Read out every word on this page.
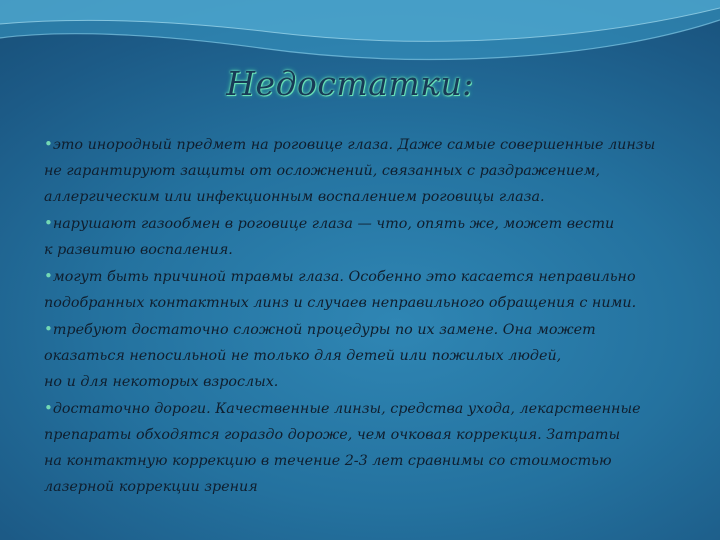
Недостатки:

•это инородный предмет на роговице глаза. Даже самые совершенные линзы
не гарантируют защиты от осложнений, связанных с раздражением,
аллергическим или инфекционным воспалением роговицы глаза.

•нарушают газообмен в роговице глаза — что, опять же, может вести
к развитию воспаления.

•могут быть причиной травмы глаза. Особенно это касается неправильно
подобранных контактных линз и случаев неправильного обращения с ними.

•требуют достаточно сложной процедуры по их замене. Она может
оказаться непосильной не только для детей или пожилых людей,
но и для некоторых взрослых.

•достаточно дороги. Качественные линзы, средства ухода, лекарственные
препараты обходятся гораздо дороже, чем очковая коррекция. Затраты
на контактную коррекцию в течение 2-3 лет сравнимы со стоимостью
лазерной коррекции зрения
